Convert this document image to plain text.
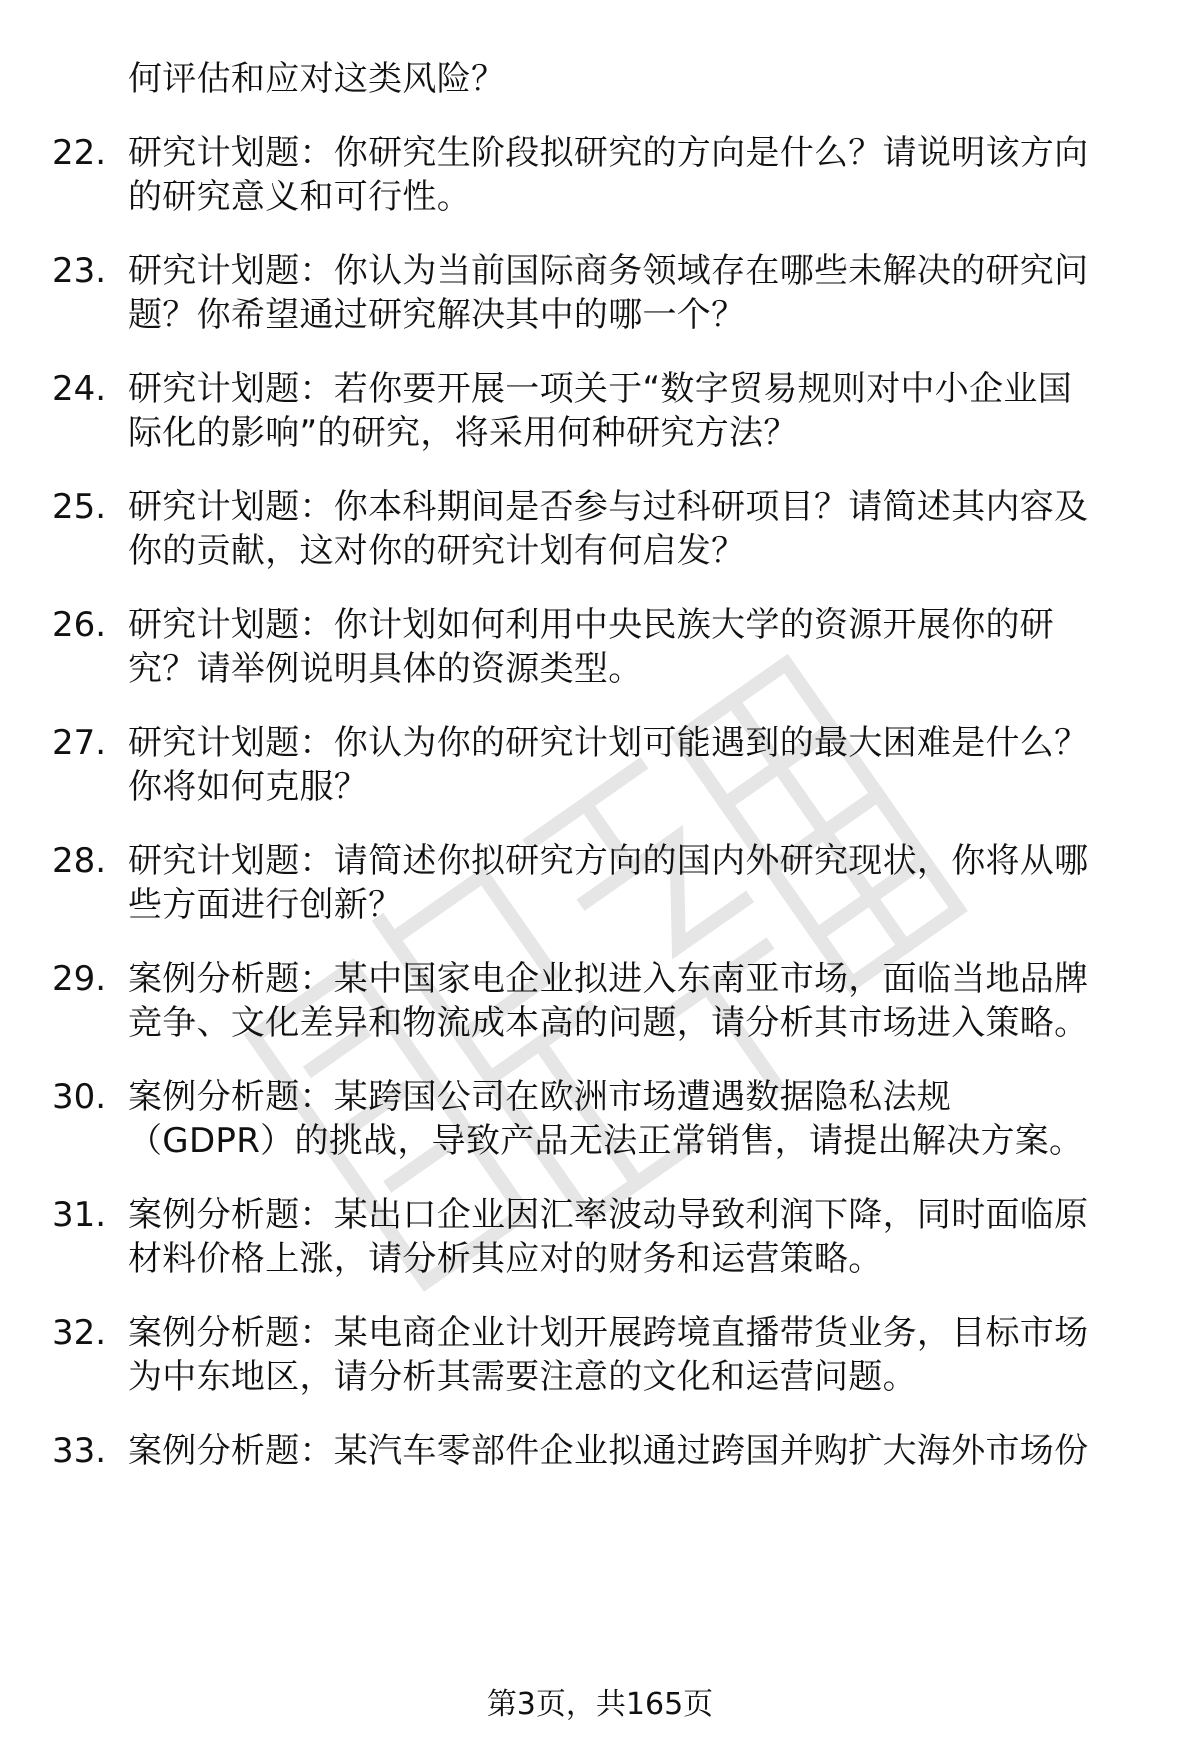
何评估和应对这类风险？
22. 研究计划题：你研究生阶段拟研究的方向是什么？请说明该方向
的研究意义和可行性。
23. 研究计划题：你认为当前国际商务领域存在哪些未解决的研究问
题？你希望通过研究解决其中的哪一个？
24. 研究计划题：若你要开展一项关于“数字贸易规则对中小企业国
际化的影响”的研究，将采用何种研究方法？
25. 研究计划题：你本科期间是否参与过科研项目？请简述其内容及
你的贡献，这对你的研究计划有何启发？
26. 研究计划题：你计划如何利用中央民族大学的资源开展你的研
究？请举例说明具体的资源类型。
27. 研究计划题：你认为你的研究计划可能遇到的最大困难是什么？
你将如何克服？
28. 研究计划题：请简述你拟研究方向的国内外研究现状，你将从哪
些方面进行创新？
29. 案例分析题：某中国家电企业拟进入东南亚市场，面临当地品牌
竞争、文化差异和物流成本高的问题，请分析其市场进入策略。
30. 案例分析题：某跨国公司在欧洲市场遭遇数据隐私法规
（GDPR）的挑战，导致产品无法正常销售，请提出解决方案。
31. 案例分析题：某出口企业因汇率波动导致利润下降，同时面临原
材料价格上涨，请分析其应对的财务和运营策略。
32. 案例分析题：某电商企业计划开展跨境直播带货业务，目标市场
为中东地区，请分析其需要注意的文化和运营问题。
33. 案例分析题：某汽车零部件企业拟通过跨国并购扩大海外市场份
第3页，共165页
